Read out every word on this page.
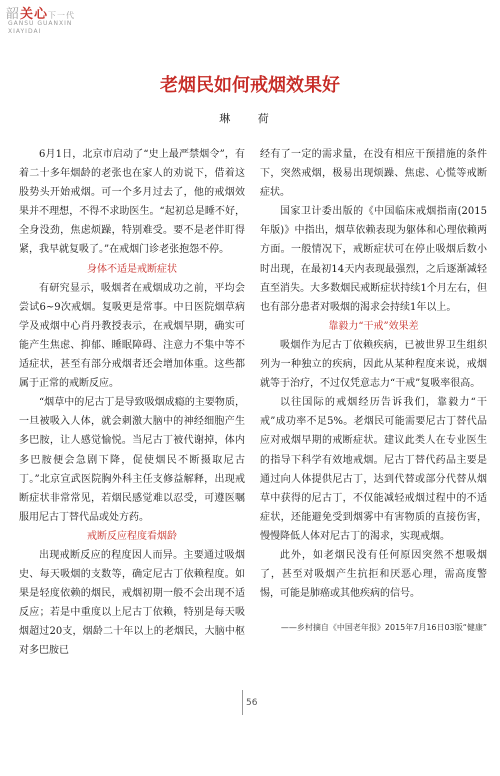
韶关心下一代
GANSU GUANXIN
XIAYIDAI
老烟民如何戒烟效果好
琳 荷

6月1日，北京市启动了“史上最严禁烟令”，有着二十多年烟龄的老张也在家人的劝说下，借着这股势头开始戒烟。可一个多月过去了，他的戒烟效果并不理想，不得不求助医生。“起初总是睡不好，全身没劲，焦虑烦躁，特别难受。要不是老伴盯得紧，我早就复吸了。”在戒烟门诊老张抱怨不停。

身体不适是戒断症状

有研究显示，吸烟者在戒烟成功之前，平均会尝试6~9次戒烟。复吸更是常事。中日医院烟草病学及戒烟中心肖丹教授表示，在戒烟早期，确实可能产生焦虑、抑郁、睡眠障碍、注意力不集中等不适症状，甚至有部分戒烟者还会增加体重。这些都属于正常的戒断反应。

“烟草中的尼古丁是导致吸烟成瘾的主要物质，一旦被吸入人体，就会刺激大脑中的神经细胞产生多巴胺，让人感觉愉悦。当尼古丁被代谢掉，体内多巴胺便会急剧下降，促使烟民不断摄取尼古丁。”北京宣武医院胸外科主任支修益解释，出现戒断症状非常常见，若烟民感觉难以忍受，可遵医嘱服用尼古丁替代品或处方药。

戒断反应程度看烟龄

出现戒断反应的程度因人而异。主要通过吸烟史、每天吸烟的支数等，确定尼古丁依赖程度。如果是轻度依赖的烟民，戒烟初期一般不会出现不适反应；若是中重度以上尼古丁依赖，特别是每天吸烟超过20支，烟龄二十年以上的老烟民，大脑中枢对多巴胺已

经有了一定的需求量，在没有相应干预措施的条件下，突然戒烟，极易出现烦躁、焦虑、心慌等戒断症状。

国家卫计委出版的《中国临床戒烟指南(2015年版)》中指出，烟草依赖表现为躯体和心理依赖两方面。一般情况下，戒断症状可在停止吸烟后数小时出现，在最初14天内表现最强烈，之后逐渐减轻直至消失。大多数烟民戒断症状持续1个月左右，但也有部分患者对吸烟的渴求会持续1年以上。

靠毅力“干戒”效果差

吸烟作为尼古丁依赖疾病，已被世界卫生组织列为一种独立的疾病，因此从某种程度来说，戒烟就等于治疗，不过仅凭意志力“干戒”复吸率很高。

以往国际的戒烟经历告诉我们，靠毅力“干戒”成功率不足5%。老烟民可能需要尼古丁替代品应对戒烟早期的戒断症状。建议此类人在专业医生的指导下科学有效地戒烟。尼古丁替代药品主要是通过向人体提供尼古丁，达到代替或部分代替从烟草中获得的尼古丁，不仅能减轻戒烟过程中的不适症状，还能避免受到烟雾中有害物质的直接伤害，慢慢降低人体对尼古丁的渴求，实现戒烟。

此外，如老烟民没有任何原因突然不想吸烟了，甚至对吸烟产生抗拒和厌恶心理，需高度警惕，可能是肺癌或其他疾病的信号。

——乡村摘自《中国老年报》2015年7月16日03版“健康”
56
